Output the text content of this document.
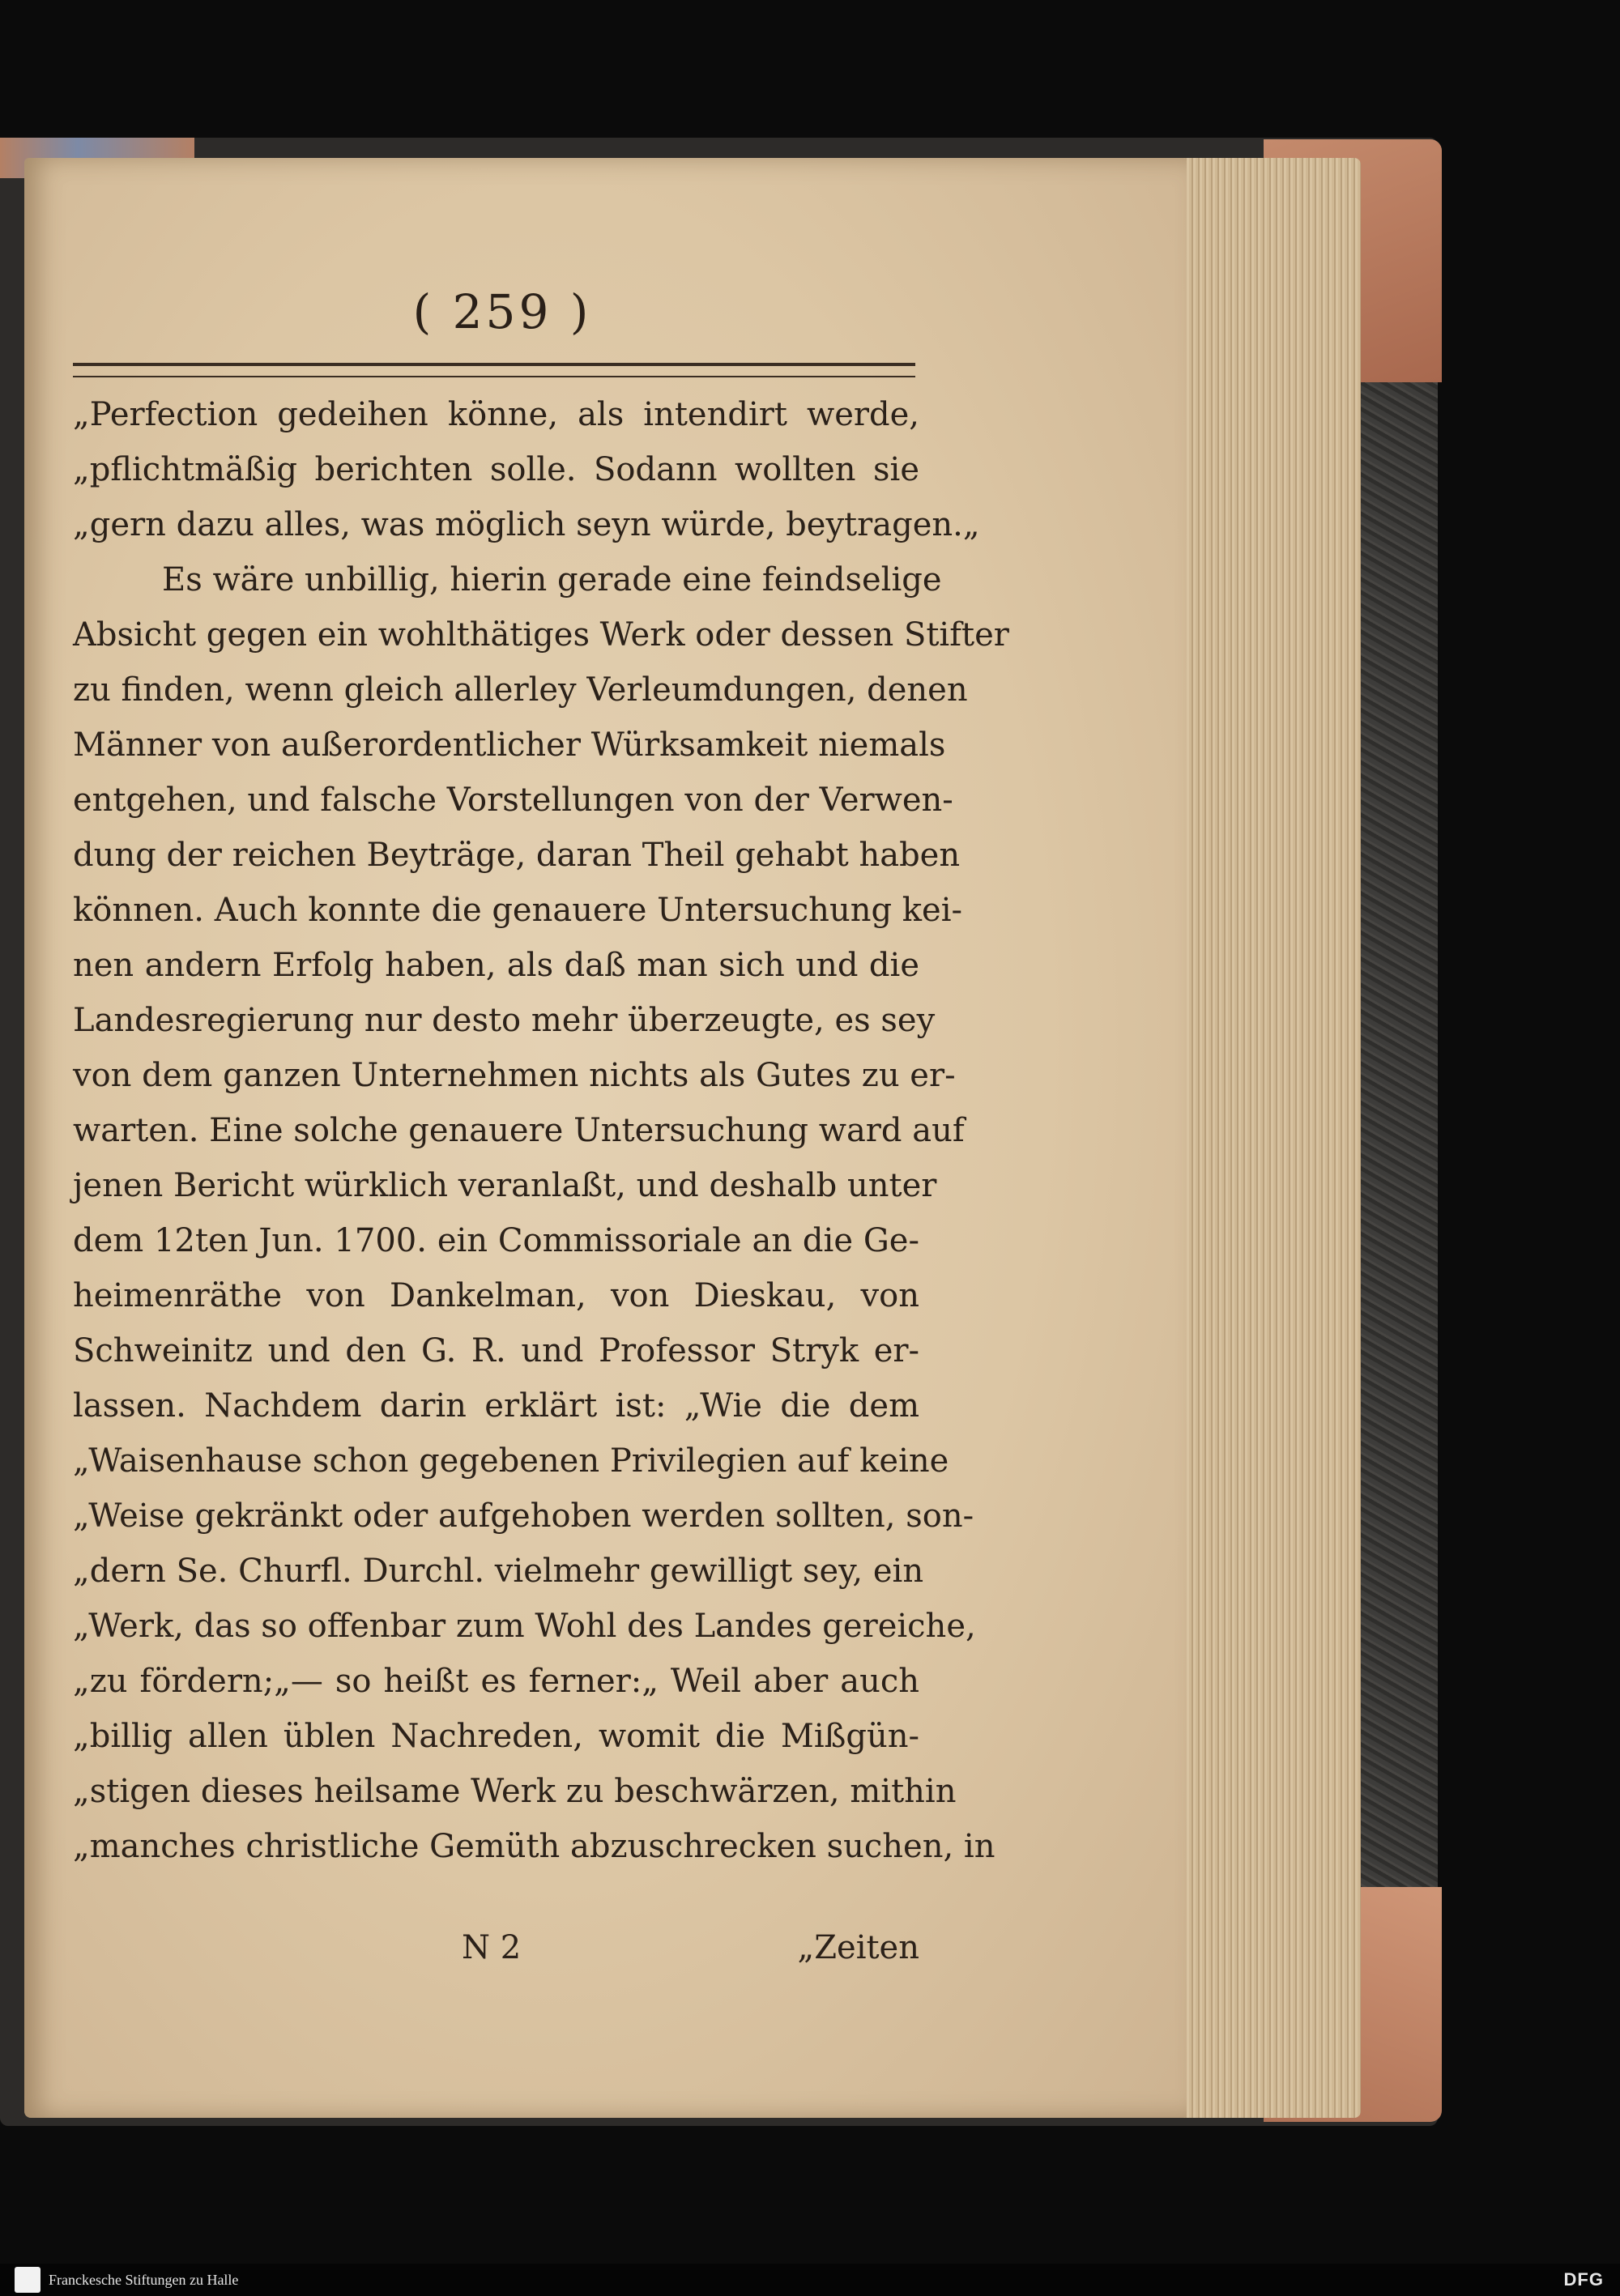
( 259 )
„Perfection gedeihen könne, als intendirt werde,
„pflichtmäßig berichten solle. Sodann wollten sie
„gern dazu alles, was möglich seyn würde, beytragen.„
Es wäre unbillig, hierin gerade eine feindselige
Absicht gegen ein wohlthätiges Werk oder dessen Stifter
zu finden, wenn gleich allerley Verleumdungen, denen
Männer von außerordentlicher Würksamkeit niemals
entgehen, und falsche Vorstellungen von der Verwen-
dung der reichen Beyträge, daran Theil gehabt haben
können. Auch konnte die genauere Untersuchung kei-
nen andern Erfolg haben, als daß man sich und die
Landesregierung nur desto mehr überzeugte, es sey
von dem ganzen Unternehmen nichts als Gutes zu er-
warten. Eine solche genauere Untersuchung ward auf
jenen Bericht würklich veranlaßt, und deshalb unter
dem 12ten Jun. 1700. ein Commissoriale an die Ge-
heimenräthe von Dankelman, von Dieskau, von
Schweinitz und den G. R. und Professor Stryk er-
lassen. Nachdem darin erklärt ist: „Wie die dem
„Waisenhause schon gegebenen Privilegien auf keine
„Weise gekränkt oder aufgehoben werden sollten, son-
„dern Se. Churfl. Durchl. vielmehr gewilligt sey, ein
„Werk, das so offenbar zum Wohl des Landes gereiche,
„zu fördern;„— so heißt es ferner:„ Weil aber auch
„billig allen üblen Nachreden, womit die Mißgün-
„stigen dieses heilsame Werk zu beschwärzen, mithin
„manches christliche Gemüth abzuschrecken suchen, in
N 2	„Zeiten
Franckesche Stiftungen zu Halle	DFG
